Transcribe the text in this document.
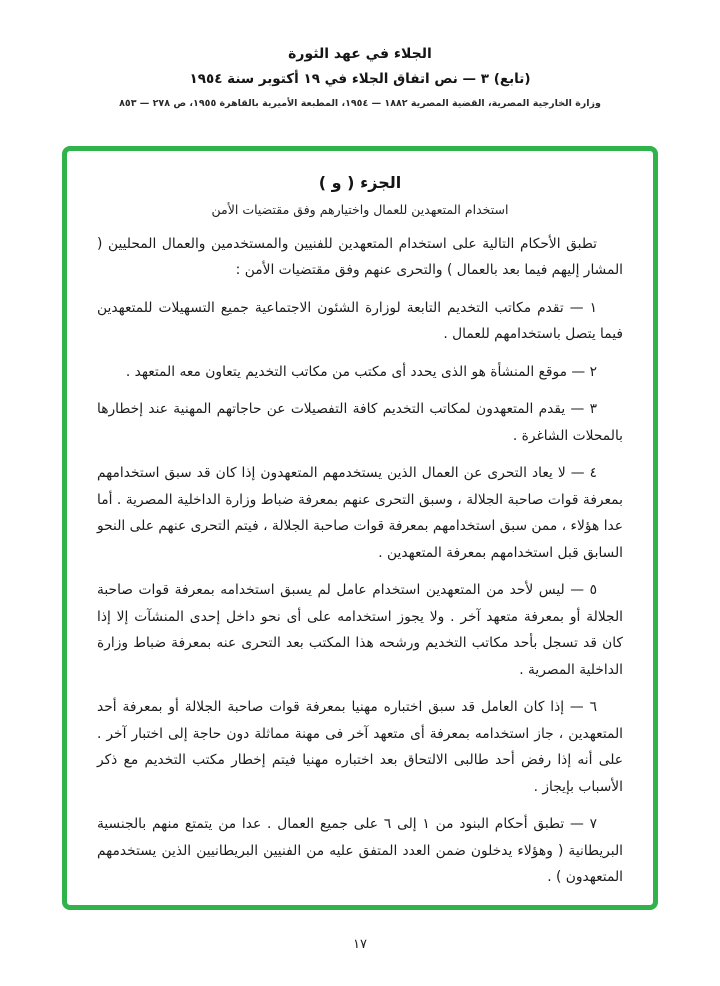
الجلاء في عهد الثورة
(تابع) ٣ — نص اتفاق الجلاء في ١٩ أكتوبر سنة ١٩٥٤
وزارة الخارجية المصرية، القضية المصرية ١٨٨٢ — ١٩٥٤، المطبعة الأميرية بالقاهرة ١٩٥٥، ص ٢٧٨ — ٨٥٣
الجزء ( و )
استخدام المتعهدين للعمال واختيارهم وفق مقتضيات الأمن

تطبق الأحكام التالية على استخدام المتعهدين للفنيين والمستخدمين والعمال المحليين ( المشار إليهم فيما بعد بالعمال ) والتحرى عنهم وفق مقتضيات الأمن :

١ — تقدم مكاتب التخديم التابعة لوزارة الشئون الاجتماعية جميع التسهيلات للمتعهدين فيما يتصل باستخدامهم للعمال .

٢ — موقع المنشأة هو الذى يحدد أى مكتب من مكاتب التخديم يتعاون معه المتعهد .

٣ — يقدم المتعهدون لمكاتب التخديم كافة التفصيلات عن حاجاتهم المهنية عند إخطارها بالمحلات الشاغرة .

٤ — لا يعاد التحرى عن العمال الذين يستخدمهم المتعهدون إذا كان قد سبق استخدامهم بمعرفة قوات صاحبة الجلالة ، وسبق التحرى عنهم بمعرفة ضباط وزارة الداخلية المصرية . أما عدا هؤلاء ، ممن سبق استخدامهم بمعرفة قوات صاحبة الجلالة ، فيتم التحرى عنهم على النحو السابق قبل استخدامهم بمعرفة المتعهدين .

٥ — ليس لأحد من المتعهدين استخدام عامل لم يسبق استخدامه بمعرفة قوات صاحبة الجلالة أو بمعرفة متعهد آخر . ولا يجوز استخدامه على أى نحو داخل إحدى المنشآت إلا إذا كان قد تسجل بأحد مكاتب التخديم ورشحه هذا المكتب بعد التحرى عنه بمعرفة ضباط وزارة الداخلية المصرية .

٦ — إذا كان العامل قد سبق اختباره مهنيا بمعرفة قوات صاحبة الجلالة أو بمعرفة أحد المتعهدين ، جاز استخدامه بمعرفة أى متعهد آخر فى مهنة مماثلة دون حاجة إلى اختبار آخر . على أنه إذا رفض أحد طالبى الالتحاق بعد اختباره مهنيا فيتم إخطار مكتب التخديم مع ذكر الأسباب بإيجاز .

٧ — تطبق أحكام البنود من ١ إلى ٦ على جميع العمال . عدا من يتمتع منهم بالجنسية البريطانية ( وهؤلاء يدخلون ضمن العدد المتفق عليه من الفنيين البريطانيين الذين يستخدمهم المتعهدون ) .

١٧
